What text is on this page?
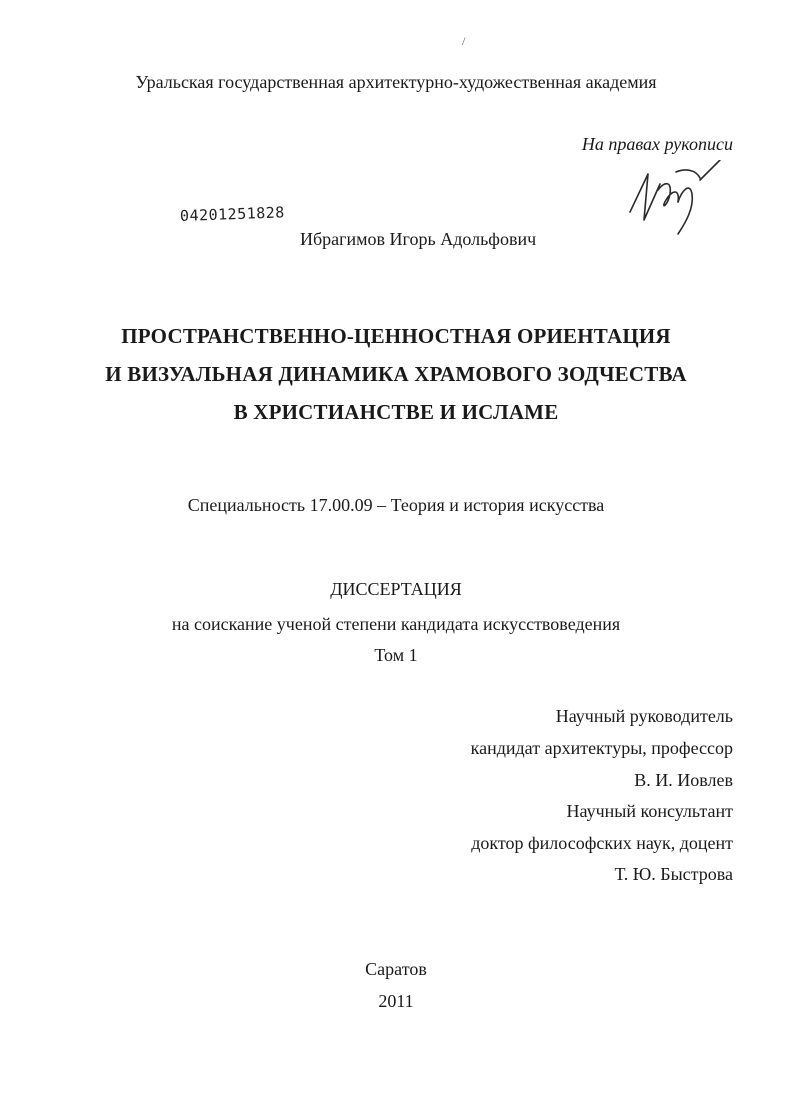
/
Уральская государственная архитектурно-художественная академия
На правах рукописи
04201251828
Ибрагимов Игорь Адольфович
ПРОСТРАНСТВЕННО-ЦЕННОСТНАЯ ОРИЕНТАЦИЯ
И ВИЗУАЛЬНАЯ ДИНАМИКА ХРАМОВОГО ЗОДЧЕСТВА
В ХРИСТИАНСТВЕ И ИСЛАМЕ
Специальность 17.00.09 – Теория и история искусства
ДИССЕРТАЦИЯ
на соискание ученой степени кандидата искусствоведения
Том 1
Научный руководитель
кандидат архитектуры, профессор
В. И. Иовлев
Научный консультант
доктор философских наук, доцент
Т. Ю. Быстрова
Саратов
2011
